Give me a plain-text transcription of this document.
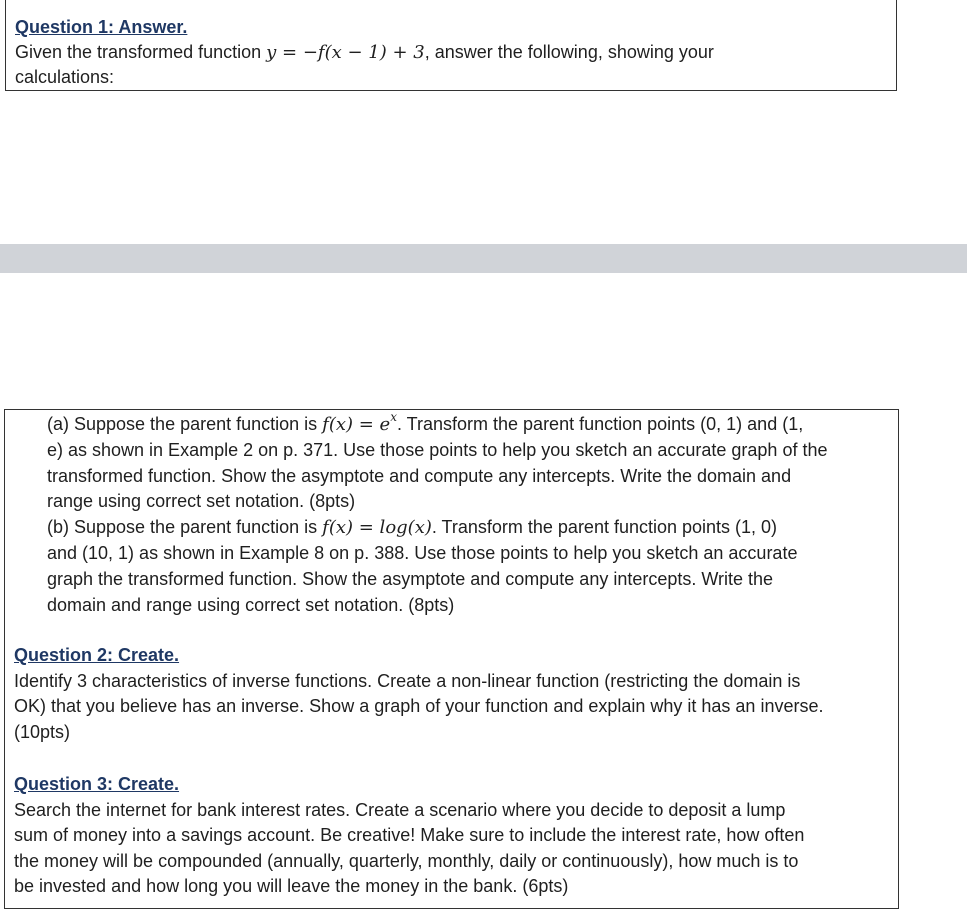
Question 1: Answer.
Given the transformed function y = −f(x − 1) + 3, answer the following, showing your
calculations:

(a) Suppose the parent function is $f(x) = e^x$. Transform the parent function points (0, 1) and (1,

e) as shown in Example 2 on p. 371. Use those points to help you sketch an accurate graph of the

transformed function. Show the asymptote and compute any intercepts. Write the domain and

range using correct set notation. (8pts)

(b) Suppose the parent function is f(x) = log(x). Transform the parent function points (1, 0)

and (10, 1) as shown in Example 8 on p. 388. Use those points to help you sketch an accurate

graph the transformed function. Show the asymptote and compute any intercepts. Write the

domain and range using correct set notation. (8pts)

Question 2: Create.

Identify 3 characteristics of inverse functions. Create a non-linear function (restricting the domain is

OK) that you believe has an inverse. Show a graph of your function and explain why it has an inverse.

(10pts)

Question 3: Create.

Search the internet for bank interest rates. Create a scenario where you decide to deposit a lump

sum of money into a savings account. Be creative! Make sure to include the interest rate, how often

the money will be compounded (annually, quarterly, monthly, daily or continuously), how much is to

be invested and how long you will leave the money in the bank. (6pts)
